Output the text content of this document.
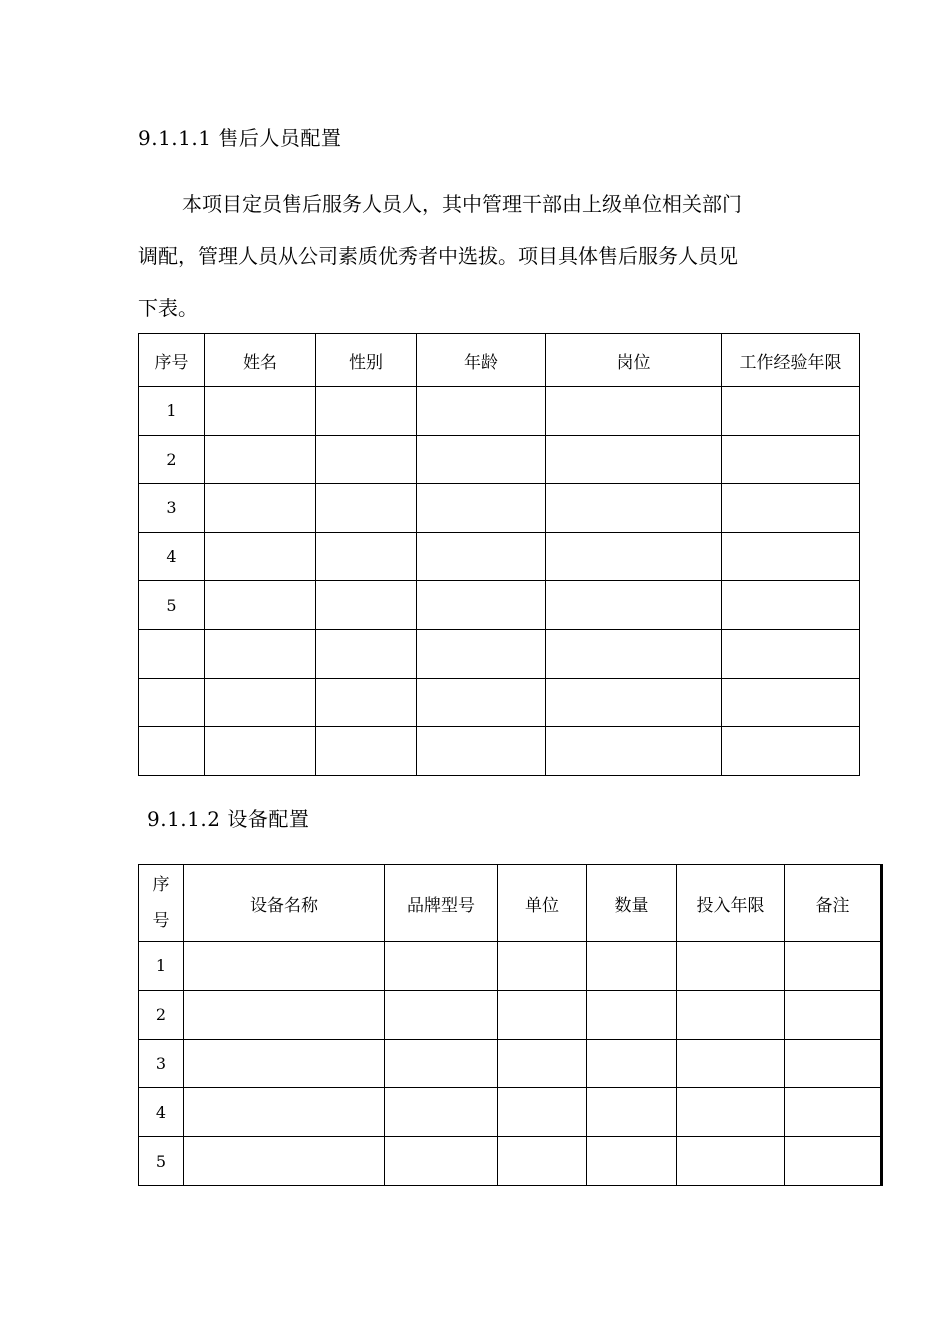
9.1.1.1 售后人员配置

本项目定员售后服务人员人，其中管理干部由上级单位相关部门
调配，管理人员从公司素质优秀者中选拔。项目具体售后服务人员见
下表。

序号	姓名	性别	年龄	岗位	工作经验年限
1					
2					
3					
4					
5					

9.1.1.2 设备配置
序
号	设备名称	品牌型号	单位	数量	投入年限	备注
1						
2						
3						
4						
5						
